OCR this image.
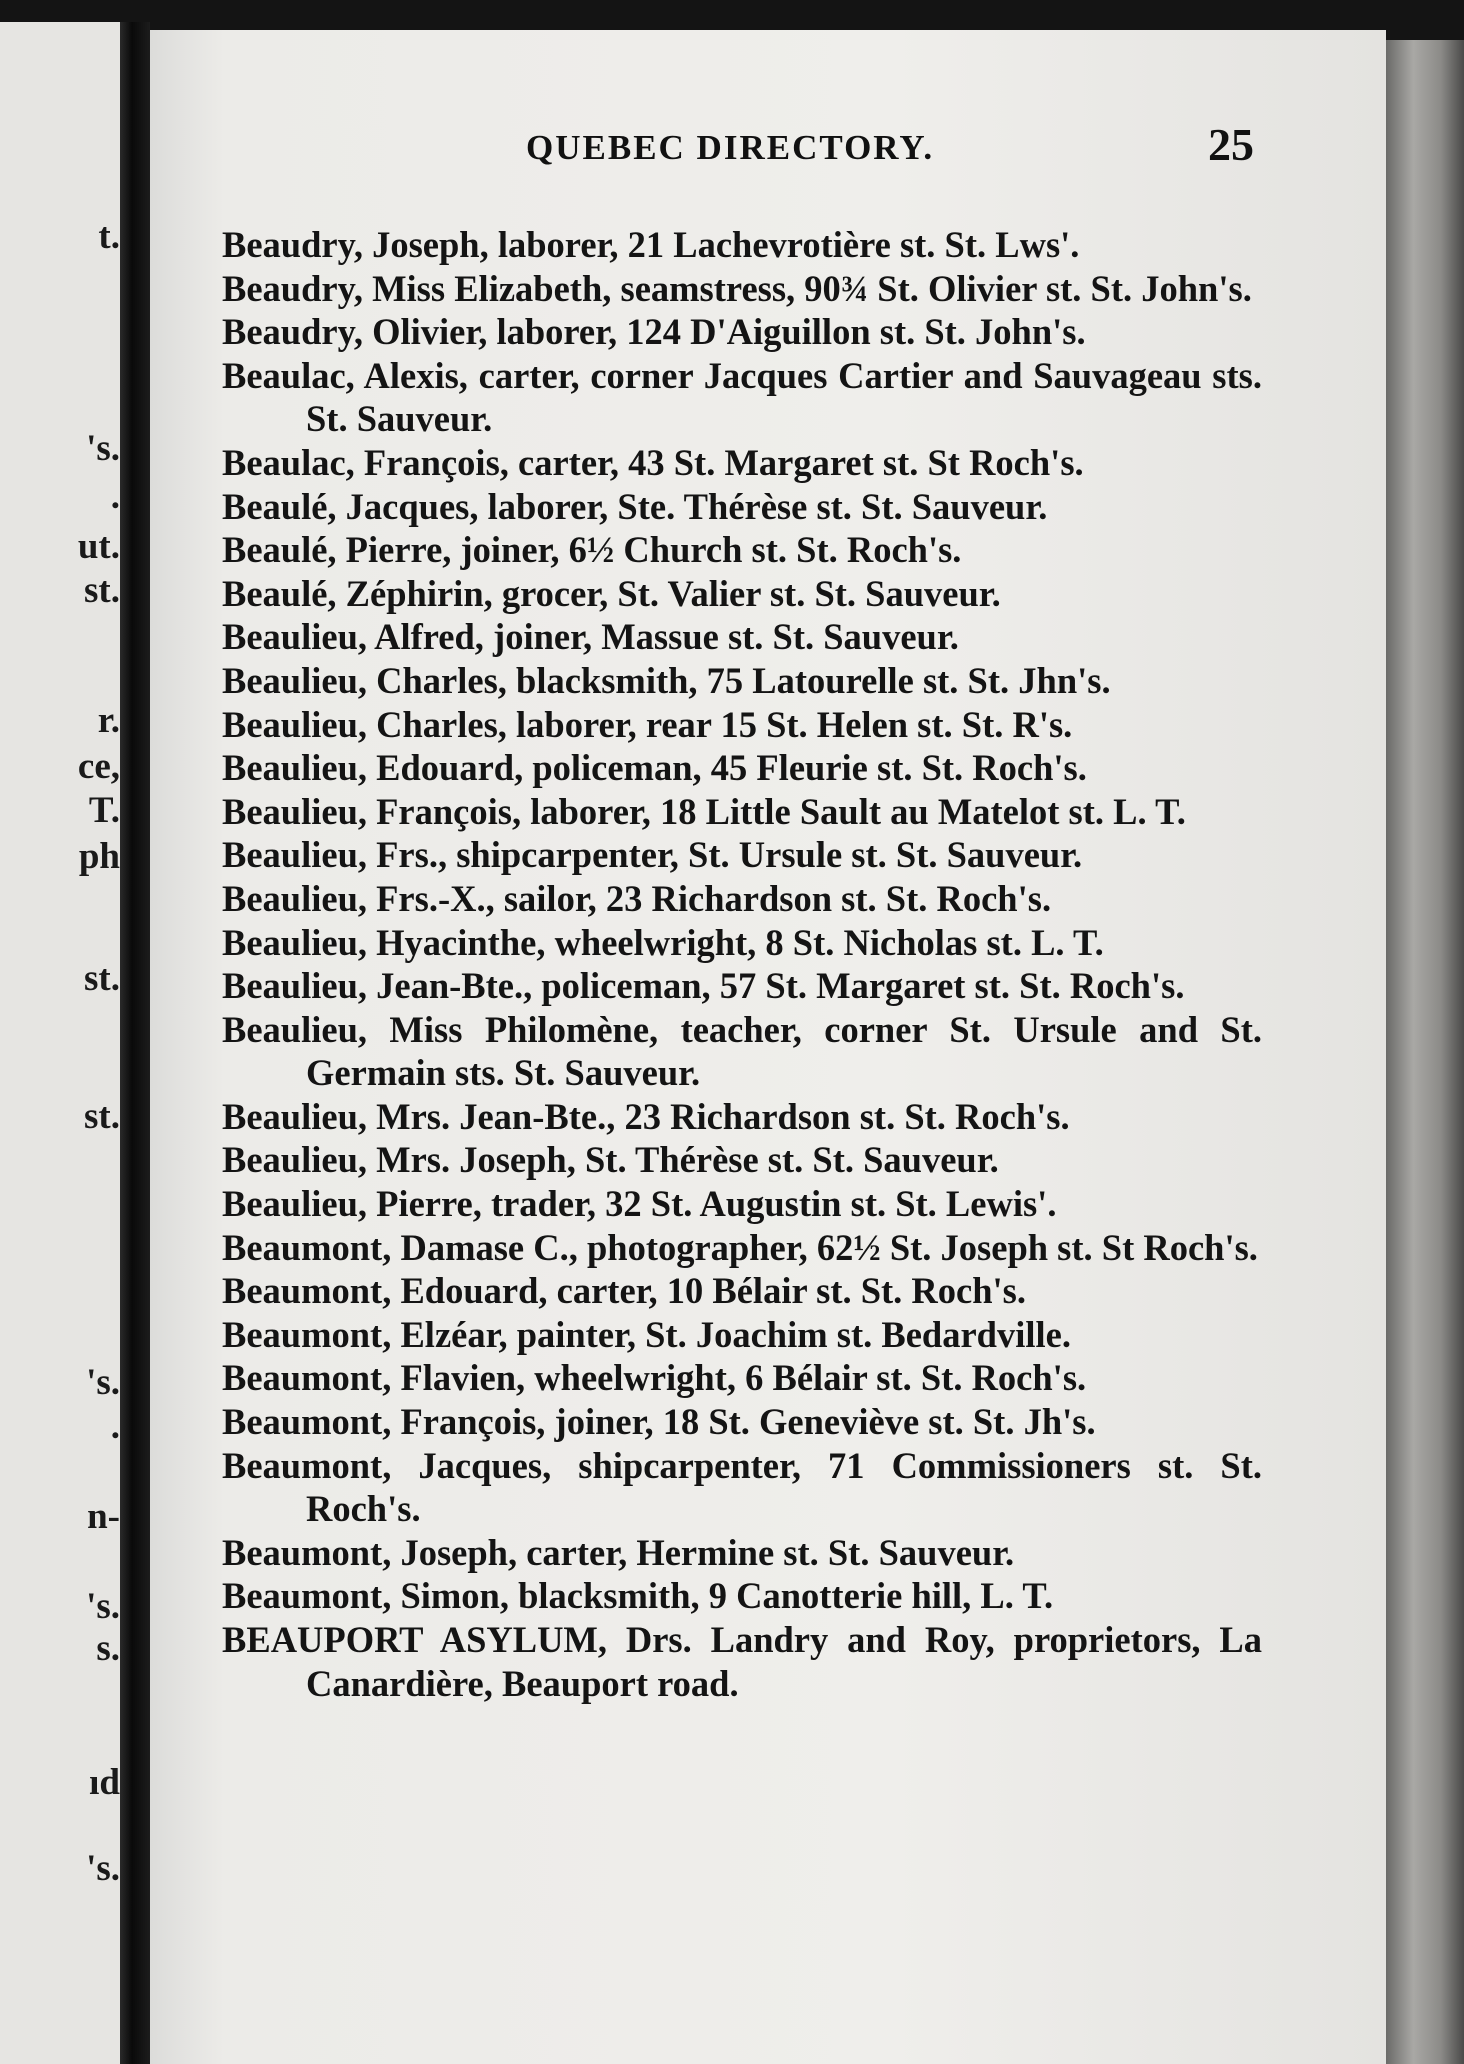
t.
's.
.
ut.
st.
r.
ce,
T.
ph
st.
st.
's.
.
n-
's.
s.
ıd
's.
QUEBEC DIRECTORY.	25

Beaudry, Joseph, laborer, 21 Lachevrotière st. St. Lws'.

Beaudry, Miss Elizabeth, seamstress, 90¾ St. Olivier st. St. John's.

Beaudry, Olivier, laborer, 124 D'Aiguillon st. St. John's.

Beaulac, Alexis, carter, corner Jacques Cartier and Sauvageau sts. St. Sauveur.

Beaulac, François, carter, 43 St. Margaret st. St Roch's.

Beaulé, Jacques, laborer, Ste. Thérèse st. St. Sauveur.

Beaulé, Pierre, joiner, 6½ Church st. St. Roch's.

Beaulé, Zéphirin, grocer, St. Valier st. St. Sauveur.

Beaulieu, Alfred, joiner, Massue st. St. Sauveur.

Beaulieu, Charles, blacksmith, 75 Latourelle st. St. Jhn's.

Beaulieu, Charles, laborer, rear 15 St. Helen st. St. R's.

Beaulieu, Edouard, policeman, 45 Fleurie st. St. Roch's.

Beaulieu, François, laborer, 18 Little Sault au Matelot st. L. T.

Beaulieu, Frs., shipcarpenter, St. Ursule st. St. Sauveur.

Beaulieu, Frs.-X., sailor, 23 Richardson st. St. Roch's.

Beaulieu, Hyacinthe, wheelwright, 8 St. Nicholas st. L. T.

Beaulieu, Jean-Bte., policeman, 57 St. Margaret st. St. Roch's.

Beaulieu, Miss Philomène, teacher, corner St. Ursule and St. Germain sts. St. Sauveur.

Beaulieu, Mrs. Jean-Bte., 23 Richardson st. St. Roch's.

Beaulieu, Mrs. Joseph, St. Thérèse st. St. Sauveur.

Beaulieu, Pierre, trader, 32 St. Augustin st. St. Lewis'.

Beaumont, Damase C., photographer, 62½ St. Joseph st. St Roch's.

Beaumont, Edouard, carter, 10 Bélair st. St. Roch's.

Beaumont, Elzéar, painter, St. Joachim st. Bedardville.

Beaumont, Flavien, wheelwright, 6 Bélair st. St. Roch's.

Beaumont, François, joiner, 18 St. Geneviève st. St. Jh's.

Beaumont, Jacques, shipcarpenter, 71 Commissioners st. St. Roch's.

Beaumont, Joseph, carter, Hermine st. St. Sauveur.

Beaumont, Simon, blacksmith, 9 Canotterie hill, L. T.

BEAUPORT ASYLUM, Drs. Landry and Roy, proprietors, La Canardière, Beauport road.
